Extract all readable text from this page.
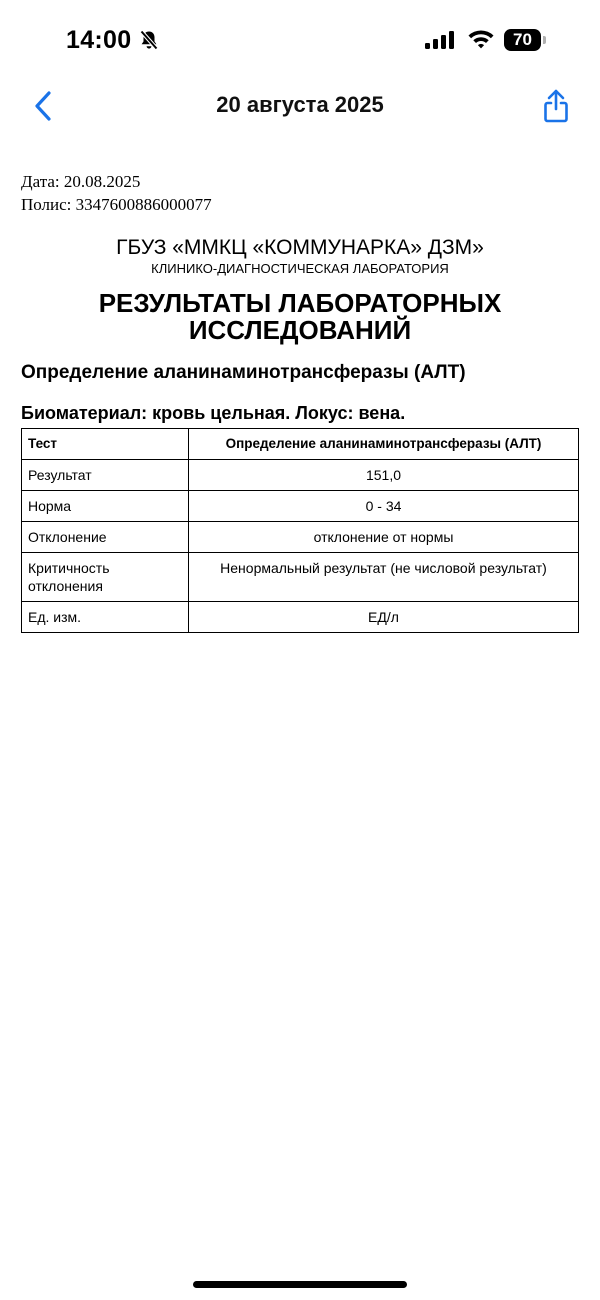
14:00	70
20 августа 2025
Дата: 20.08.2025
Полис: 3347600886000077
ГБУЗ «ММКЦ «КОММУНАРКА» ДЗМ»
КЛИНИКО-ДИАГНОСТИЧЕСКАЯ ЛАБОРАТОРИЯ
РЕЗУЛЬТАТЫ ЛАБОРАТОРНЫХ
ИССЛЕДОВАНИЙ
Определение аланинаминотрансферазы (АЛТ)
Биоматериал: кровь цельная. Локус: вена.
Тест	Определение аланинаминотрансферазы (АЛТ)
Результат	151,0
Норма	0 - 34
Отклонение	отклонение от нормы
Критичность отклонения	Ненормальный результат (не числовой результат)
Ед. изм.	ЕД/л
